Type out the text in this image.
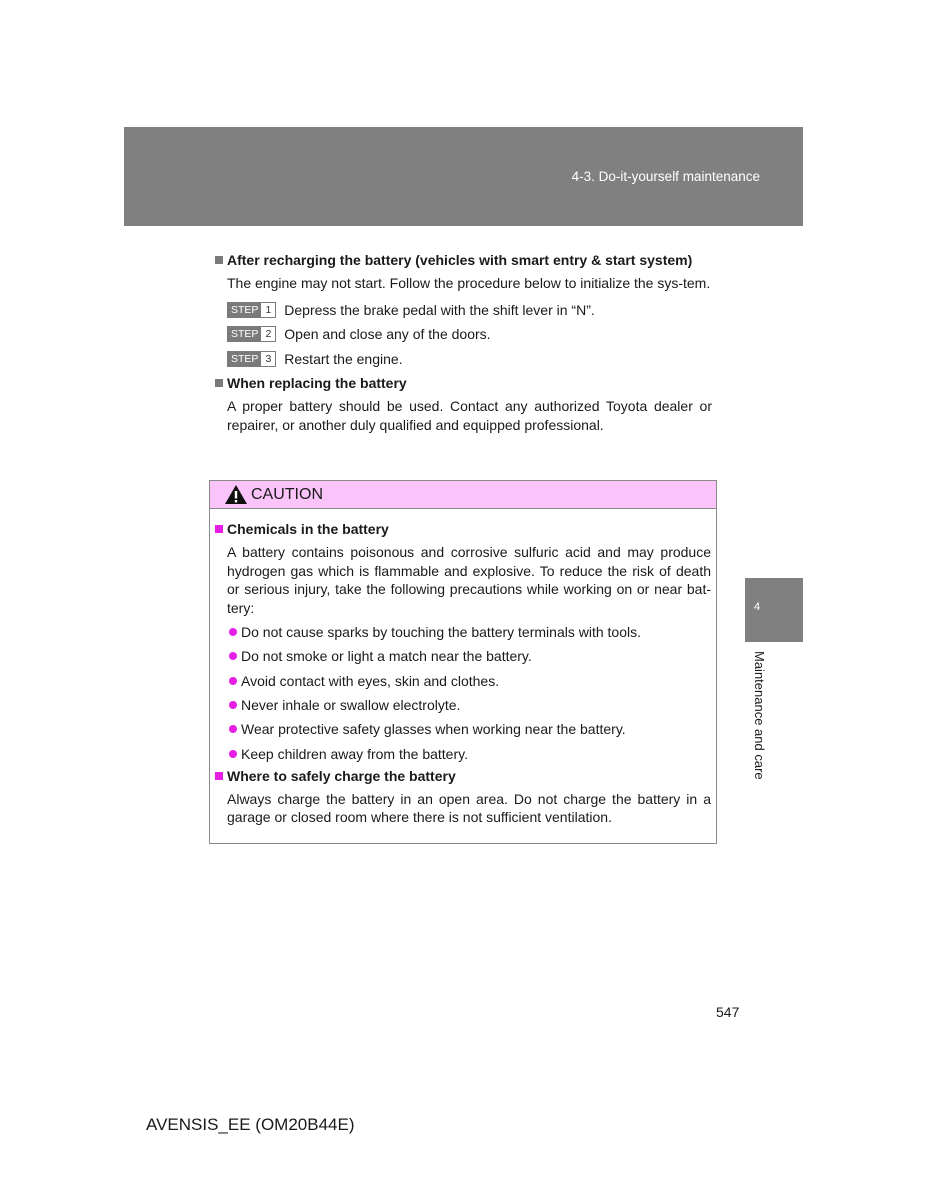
4-3. Do-it-yourself maintenance
After recharging the battery (vehicles with smart entry & start system)

The engine may not start. Follow the procedure below to initialize the sys-tem.

STEP 1 Depress the brake pedal with the shift lever in “N”.
STEP 2 Open and close any of the doors.
STEP 3 Restart the engine.
When replacing the battery

A proper battery should be used. Contact any authorized Toyota dealer or repairer, or another duly qualified and equipped professional.

CAUTION
Chemicals in the battery

A battery contains poisonous and corrosive sulfuric acid and may produce hydrogen gas which is flammable and explosive. To reduce the risk of death or serious injury, take the following precautions while working on or near bat-tery:

Do not cause sparks by touching the battery terminals with tools.
Do not smoke or light a match near the battery.
Avoid contact with eyes, skin and clothes.
Never inhale or swallow electrolyte.
Wear protective safety glasses when working near the battery.
Keep children away from the battery.
Where to safely charge the battery

Always charge the battery in an open area. Do not charge the battery in a garage or closed room where there is not sufficient ventilation.

4
Maintenance and care
547
AVENSIS_EE (OM20B44E)
